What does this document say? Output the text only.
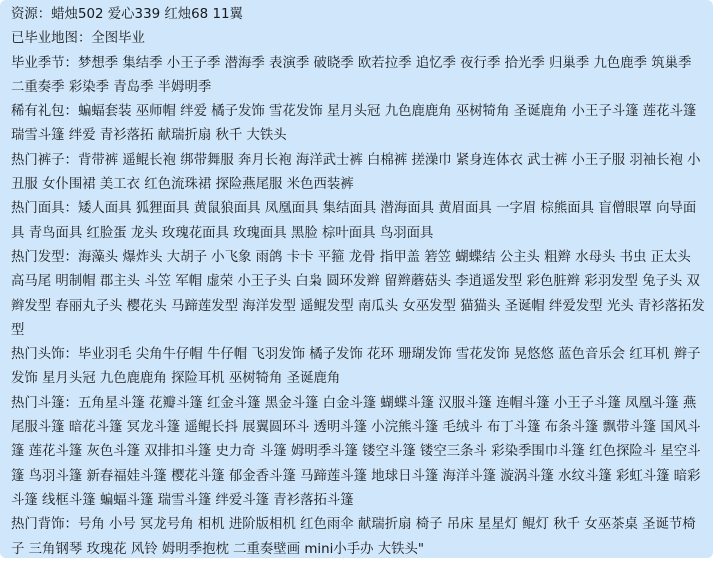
资源：蜡烛502 爱心339 红烛68 11翼
已毕业地图：全图毕业
毕业季节：梦想季 集结季 小王子季 潜海季 表演季 破晓季 欧若拉季 追忆季 夜行季 拾光季 归巢季 九色鹿季 筑巢季 二重奏季 彩染季 青岛季 半姆明季
稀有礼包：蝙蝠套装 巫师帽 绊爱 橘子发饰 雪花发饰 星月头冠 九色鹿鹿角 巫树犄角 圣诞鹿角 小王子斗篷 莲花斗篷 瑞雪斗篷 绊爱 青衫落拓 献瑞折扇 秋千 大铁头
热门裤子：背带裤 遥鲲长袍 绑带舞服 奔月长袍 海洋武士裤 白棉裤 搓澡巾 紧身连体衣 武士裤 小王子服 羽袖长袍 小丑服 女仆围裙 美工衣 红色流珠裙 探险燕尾服 米色西装裤
热门面具：矮人面具 狐狸面具 黄鼠狼面具 凤凰面具 集结面具 潜海面具 黄眉面具 一字眉 棕熊面具 盲僧眼罩 向导面具 青鸟面具 红脸蛋 龙头 玫瑰花面具 玫瑰面具 黑脸 棕叶面具 鸟羽面具
热门发型：海藻头 爆炸头 大胡子 小飞象 雨鸽 卡卡 平箍 龙骨 指甲盖 箬笠 蝴蝶结 公主头 粗辫 水母头 书虫 正太头 高马尾 明制帽 郡主头 斗笠 军帽 虚荣 小王子头 白枭 圆环发辫 留辫蘑菇头 李逍遥发型 彩色脏辫 彩羽发型 兔子头 双辫发型 春丽丸子头 樱花头 马蹄莲发型 海洋发型 遥鲲发型 南瓜头 女巫发型 猫猫头 圣诞帽 绊爱发型 光头 青衫落拓发型
热门头饰：毕业羽毛 尖角牛仔帽 牛仔帽 飞羽发饰 橘子发饰 花环 珊瑚发饰 雪花发饰 晃悠悠 蓝色音乐会 红耳机 辫子发饰 星月头冠 九色鹿鹿角 探险耳机 巫树犄角 圣诞鹿角
热门斗篷：五角星斗篷 花瓣斗篷 红金斗篷 黑金斗篷 白金斗篷 蝴蝶斗篷 汉服斗篷 连帽斗篷 小王子斗篷 凤凰斗篷 燕尾服斗篷 暗花斗篷 冥龙斗篷 遥鲲长抖 展翼圆环斗 透明斗篷 小浣熊斗篷 毛绒斗 布丁斗篷 布条斗篷 飘带斗篷 国风斗篷 莲花斗篷 灰色斗篷 双排扣斗篷 史力奇 斗篷 姆明季斗篷 镂空斗篷 镂空三条斗 彩染季围巾斗篷 红色探险斗 星空斗篷 鸟羽斗篷 新春福娃斗篷 樱花斗篷 郁金香斗篷 马蹄莲斗篷 地球日斗篷 海洋斗篷 漩涡斗篷 水纹斗篷 彩虹斗篷 暗彩斗篷 线框斗篷 蝙蝠斗篷 瑞雪斗篷 绊爱斗篷 青衫落拓斗篷
热门背饰：号角 小号 冥龙号角 相机 进阶版相机 红色雨伞 献瑞折扇 椅子 吊床 星星灯 鲲灯 秋千 女巫茶桌 圣诞节椅子 三角钢琴 玫瑰花 风铃 姆明季抱枕 二重奏壁画 mini小手办 大铁头"
